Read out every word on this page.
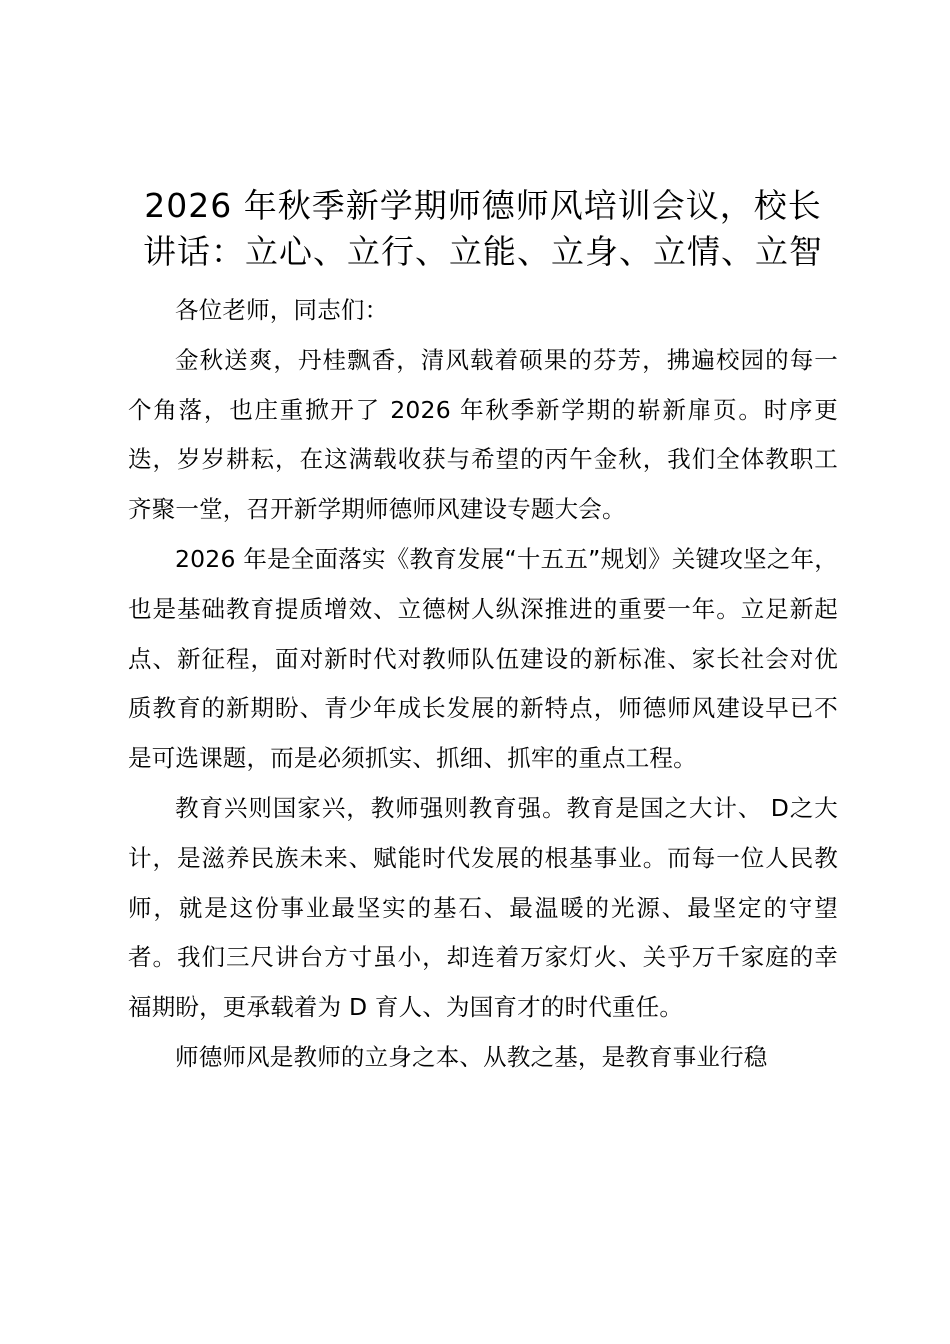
2026 年秋季新学期师德师风培训会议，校长讲话：立心、立行、立能、立身、立情、立智

各位老师，同志们：

金秋送爽，丹桂飘香，清风载着硕果的芬芳，拂遍校园的每一个角落，也庄重掀开了 2026 年秋季新学期的崭新扉页。时序更迭，岁岁耕耘，在这满载收获与希望的丙午金秋，我们全体教职工齐聚一堂，召开新学期师德师风建设专题大会。

2026 年是全面落实《教育发展“十五五”规划》关键攻坚之年，也是基础教育提质增效、立德树人纵深推进的重要一年。立足新起点、新征程，面对新时代对教师队伍建设的新标准、家长社会对优质教育的新期盼、青少年成长发展的新特点，师德师风建设早已不是可选课题，而是必须抓实、抓细、抓牢的重点工程。

教育兴则国家兴，教师强则教育强。教育是国之大计、 D之大计，是滋养民族未来、赋能时代发展的根基事业。而每一位人民教师，就是这份事业最坚实的基石、最温暖的光源、最坚定的守望者。我们三尺讲台方寸虽小，却连着万家灯火、关乎万千家庭的幸福期盼，更承载着为 D 育人、为国育才的时代重任。

师德师风是教师的立身之本、从教之基，是教育事业行稳
